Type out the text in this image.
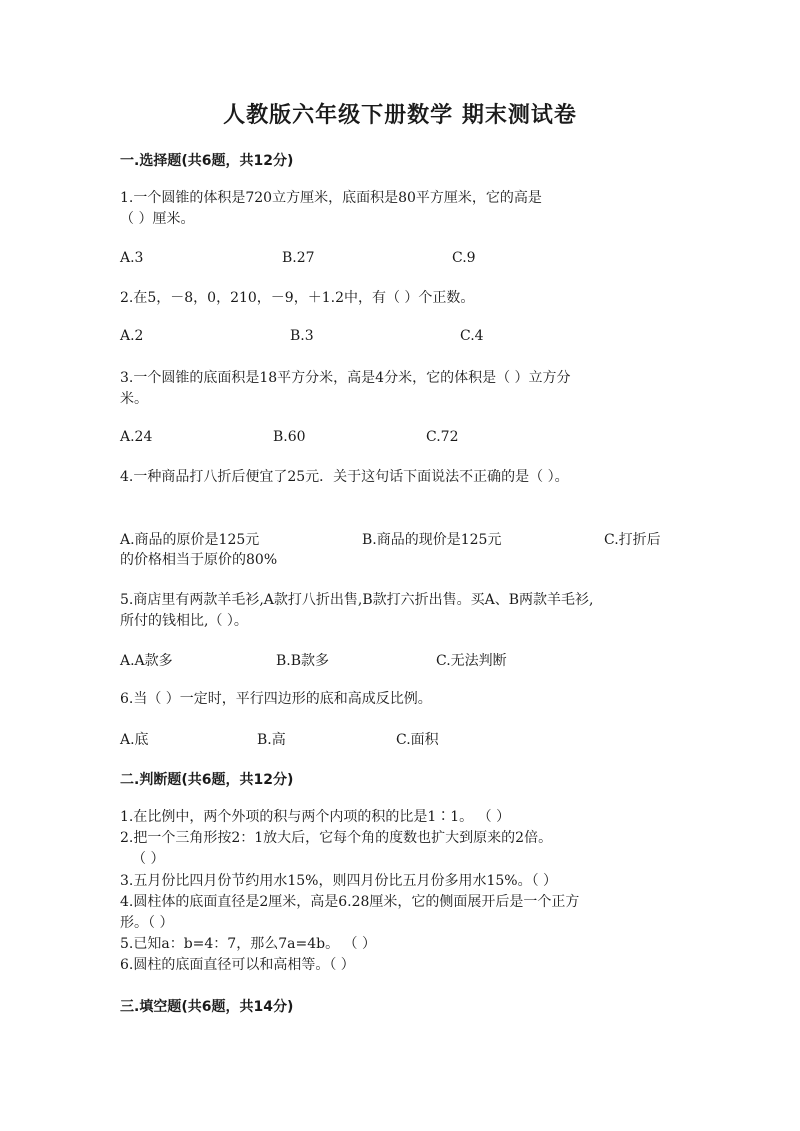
人教版六年级下册数学 期末测试卷
一.选择题(共6题，共12分)
1.一个圆锥的体积是720立方厘米，底面积是80平方厘米，它的高是
（ ）厘米。
A.3	B.27	C.9
2.在5，－8，0，210，－9，＋1.2中，有（ ）个正数。
A.2	B.3	C.4
3.一个圆锥的底面积是18平方分米，高是4分米，它的体积是（ ）立方分
米。
A.24	B.60	C.72
4.一种商品打八折后便宜了25元．关于这句话下面说法不正确的是（ ）。
A.商品的原价是125元	B.商品的现价是125元	C.打折后
的价格相当于原价的80%
5.商店里有两款羊毛衫,A款打八折出售,B款打六折出售。买A、B两款羊毛衫,
所付的钱相比,（ ）。
A.A款多	B.B款多	C.无法判断
6.当（ ）一定时，平行四边形的底和高成反比例。
A.底	B.高	C.面积
二.判断题(共6题，共12分)
1.在比例中，两个外项的积与两个内项的积的比是1∶1。 （ ）
2.把一个三角形按2：1放大后，它每个角的度数也扩大到原来的2倍。
（ ）
3.五月份比四月份节约用水15%，则四月份比五月份多用水15%。（ ）
4.圆柱体的底面直径是2厘米，高是6.28厘米，它的侧面展开后是一个正方
形。（ ）
5.已知a：b=4：7，那么7a=4b。 （ ）
6.圆柱的底面直径可以和高相等。（ ）
三.填空题(共6题，共14分)
